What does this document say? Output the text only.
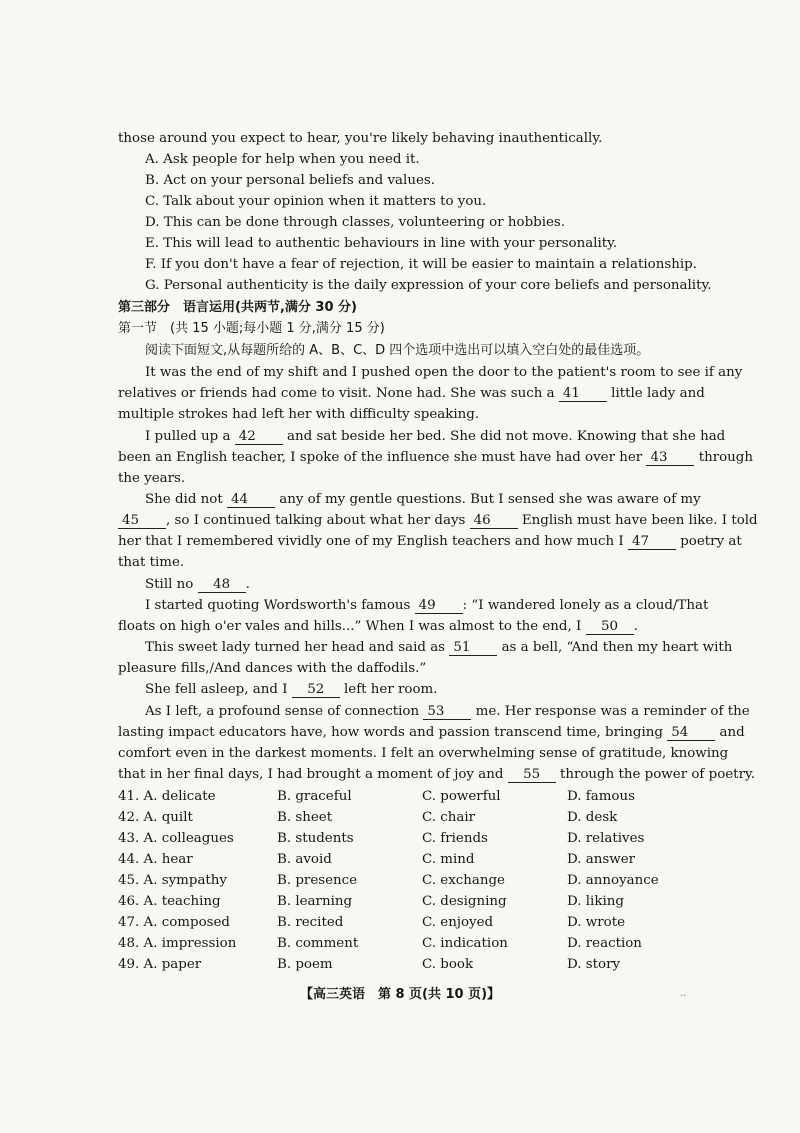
those around you expect to hear, you're likely behaving inauthentically.
A. Ask people for help when you need it.
B. Act on your personal beliefs and values.
C. Talk about your opinion when it matters to you.
D. This can be done through classes, volunteering or hobbies.
E. This will lead to authentic behaviours in line with your personality.
F. If you don't have a fear of rejection, it will be easier to maintain a relationship.
G. Personal authenticity is the daily expression of your core beliefs and personality.
第三部分　语言运用(共两节,满分 30 分)
第一节　(共 15 小题;每小题 1 分,满分 15 分)
阅读下面短文,从每题所给的 A、B、C、D 四个选项中选出可以填入空白处的最佳选项。
It was the end of my shift and I pushed open the door to the patient's room to see if any
relatives or friends had come to visit. None had. She was such a 41 little lady and
multiple strokes had left her with difficulty speaking.
I pulled up a 42 and sat beside her bed. She did not move. Knowing that she had
been an English teacher, I spoke of the influence she must have had over her 43 through
the years.
She did not 44 any of my gentle questions. But I sensed she was aware of my
45 , so I continued talking about what her days 46 English must have been like. I told
her that I remembered vividly one of my English teachers and how much I 47 poetry at
that time.
Still no 48 .
I started quoting Wordsworth's famous 49 : “I wandered lonely as a cloud/That
floats on high o'er vales and hills...” When I was almost to the end, I 50 .
This sweet lady turned her head and said as 51 as a bell, “And then my heart with
pleasure fills,/And dances with the daffodils.”
She fell asleep, and I 52 left her room.
As I left, a profound sense of connection 53 me. Her response was a reminder of the
lasting impact educators have, how words and passion transcend time, bringing 54 and
comfort even in the darkest moments. I felt an overwhelming sense of gratitude, knowing
that in her final days, I had brought a moment of joy and 55 through the power of poetry.
41. A. delicate	B. graceful	C. powerful	D. famous
42. A. quilt	B. sheet	C. chair	D. desk
43. A. colleagues	B. students	C. friends	D. relatives
44. A. hear	B. avoid	C. mind	D. answer
45. A. sympathy	B. presence	C. exchange	D. annoyance
46. A. teaching	B. learning	C. designing	D. liking
47. A. composed	B. recited	C. enjoyed	D. wrote
48. A. impression	B. comment	C. indication	D. reaction
49. A. paper	B. poem	C. book	D. story
【高三英语　第 8 页(共 10 页)】	..
